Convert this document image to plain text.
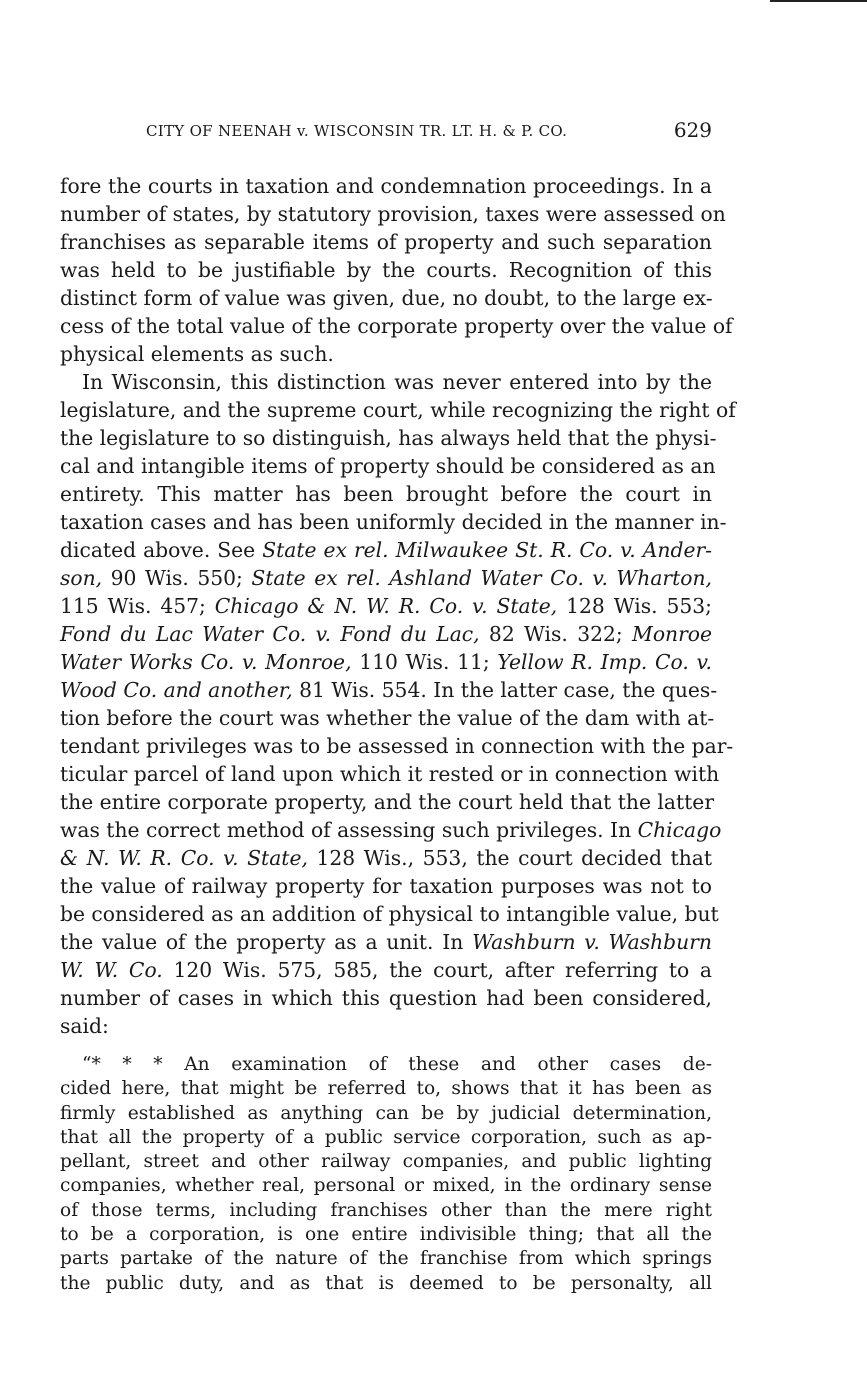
CITY OF NEENAH v. WISCONSIN TR. LT. H. & P. CO.	629
fore the courts in taxation and condemnation proceedings. In a
number of states, by statutory provision, taxes were assessed on
franchises as separable items of property and such separation
was held to be justifiable by the courts. Recognition of this
distinct form of value was given, due, no doubt, to the large ex-
cess of the total value of the corporate property over the value of
physical elements as such.
In Wisconsin, this distinction was never entered into by the
legislature, and the supreme court, while recognizing the right of
the legislature to so distinguish, has always held that the physi-
cal and intangible items of property should be considered as an
entirety. This matter has been brought before the court in
taxation cases and has been uniformly decided in the manner in-
dicated above. See State ex rel. Milwaukee St. R. Co. v. Ander-
son, 90 Wis. 550; State ex rel. Ashland Water Co. v. Wharton,
115 Wis. 457; Chicago & N. W. R. Co. v. State, 128 Wis. 553;
Fond du Lac Water Co. v. Fond du Lac, 82 Wis. 322; Monroe
Water Works Co. v. Monroe, 110 Wis. 11; Yellow R. Imp. Co. v.
Wood Co. and another, 81 Wis. 554. In the latter case, the ques-
tion before the court was whether the value of the dam with at-
tendant privileges was to be assessed in connection with the par-
ticular parcel of land upon which it rested or in connection with
the entire corporate property, and the court held that the latter
was the correct method of assessing such privileges. In Chicago
& N. W. R. Co. v. State, 128 Wis., 553, the court decided that
the value of railway property for taxation purposes was not to
be considered as an addition of physical to intangible value, but
the value of the property as a unit. In Washburn v. Washburn
W. W. Co. 120 Wis. 575, 585, the court, after referring to a
number of cases in which this question had been considered,
said:
“* * * An examination of these and other cases de-
cided here, that might be referred to, shows that it has been as
firmly established as anything can be by judicial determination,
that all the property of a public service corporation, such as ap-
pellant, street and other railway companies, and public lighting
companies, whether real, personal or mixed, in the ordinary sense
of those terms, including franchises other than the mere right
to be a corporation, is one entire indivisible thing; that all the
parts partake of the nature of the franchise from which springs
the public duty, and as that is deemed to be personalty, all
